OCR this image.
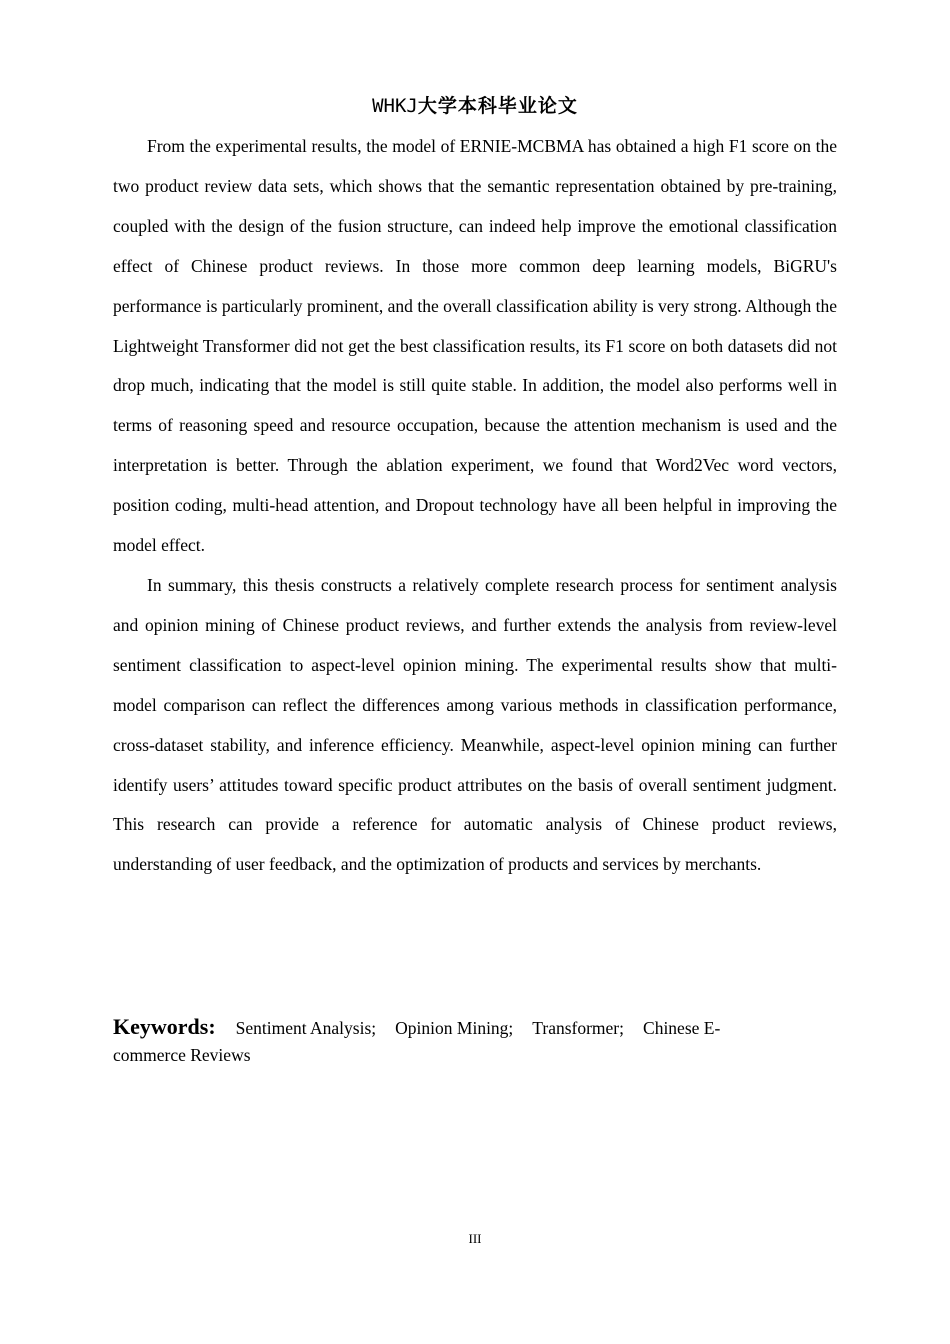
WHKJ大学本科毕业论文

From the experimental results, the model of ERNIE-MCBMA has obtained a high F1 score on the two product review data sets, which shows that the semantic representation obtained by pre-training, coupled with the design of the fusion structure, can indeed help improve the emotional classification effect of Chinese product reviews. In those more common deep learning models, BiGRU's performance is particularly prominent, and the overall classification ability is very strong. Although the Lightweight Transformer did not get the best classification results, its F1 score on both datasets did not drop much, indicating that the model is still quite stable. In addition, the model also performs well in terms of reasoning speed and resource occupation, because the attention mechanism is used and the interpretation is better. Through the ablation experiment, we found that Word2Vec word vectors, position coding, multi-head attention, and Dropout technology have all been helpful in improving the model effect.

In summary, this thesis constructs a relatively complete research process for sentiment analysis and opinion mining of Chinese product reviews, and further extends the analysis from review-level sentiment classification to aspect-level opinion mining. The experimental results show that multi-model comparison can reflect the differences among various methods in classification performance, cross-dataset stability, and inference efficiency. Meanwhile, aspect-level opinion mining can further identify users’ attitudes toward specific product attributes on the basis of overall sentiment judgment. This research can provide a reference for automatic analysis of Chinese product reviews, understanding of user feedback, and the optimization of products and services by merchants.

Keywords: Sentiment Analysis; Opinion Mining; Transformer; Chinese E-commerce Reviews
III
